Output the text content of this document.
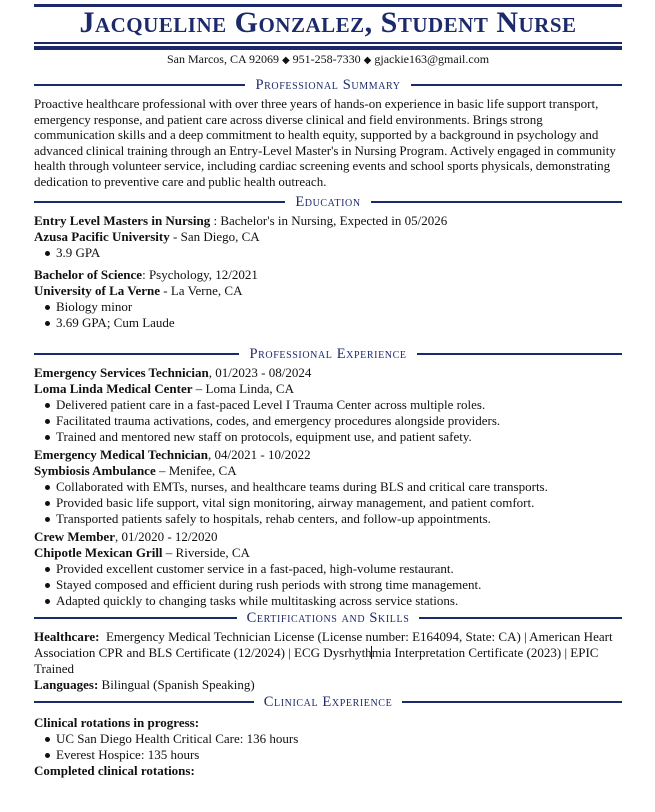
Jacqueline Gonzalez, Student Nurse
San Marcos, CA 92069 ◆ 951-258-7330 ◆ gjackie163@gmail.com
Professional Summary
Proactive healthcare professional with over three years of hands-on experience in basic life support transport, emergency response, and patient care across diverse clinical and field environments. Brings strong communication skills and a deep commitment to health equity, supported by a background in psychology and advanced clinical training through an Entry-Level Master's in Nursing Program. Actively engaged in community health through volunteer service, including cardiac screening events and school sports physicals, demonstrating dedication to preventive care and public health outreach.
Education
Entry Level Masters in Nursing : Bachelor's in Nursing, Expected in 05/2026
Azusa Pacific University - San Diego, CA
3.9 GPA
Bachelor of Science: Psychology, 12/2021
University of La Verne - La Verne, CA
Biology minor
3.69 GPA; Cum Laude
Professional Experience
Emergency Services Technician, 01/2023 - 08/2024
Loma Linda Medical Center – Loma Linda, CA
Delivered patient care in a fast-paced Level I Trauma Center across multiple roles.
Facilitated trauma activations, codes, and emergency procedures alongside providers.
Trained and mentored new staff on protocols, equipment use, and patient safety.
Emergency Medical Technician, 04/2021 - 10/2022
Symbiosis Ambulance – Menifee, CA
Collaborated with EMTs, nurses, and healthcare teams during BLS and critical care transports.
Provided basic life support, vital sign monitoring, airway management, and patient comfort.
Transported patients safely to hospitals, rehab centers, and follow-up appointments.
Crew Member, 01/2020 - 12/2020
Chipotle Mexican Grill – Riverside, CA
Provided excellent customer service in a fast-paced, high-volume restaurant.
Stayed composed and efficient during rush periods with strong time management.
Adapted quickly to changing tasks while multitasking across service stations.
Certifications and Skills
Healthcare:  Emergency Medical Technician License (License number: E164094, State: CA) | American Heart Association CPR and BLS Certificate (12/2024) | ECG Dysrhythmia Interpretation Certificate (2023) | EPIC Trained
Languages: Bilingual (Spanish Speaking)
Clinical Experience
Clinical rotations in progress:
UC San Diego Health Critical Care: 136 hours
Everest Hospice: 135 hours
Completed clinical rotations:
